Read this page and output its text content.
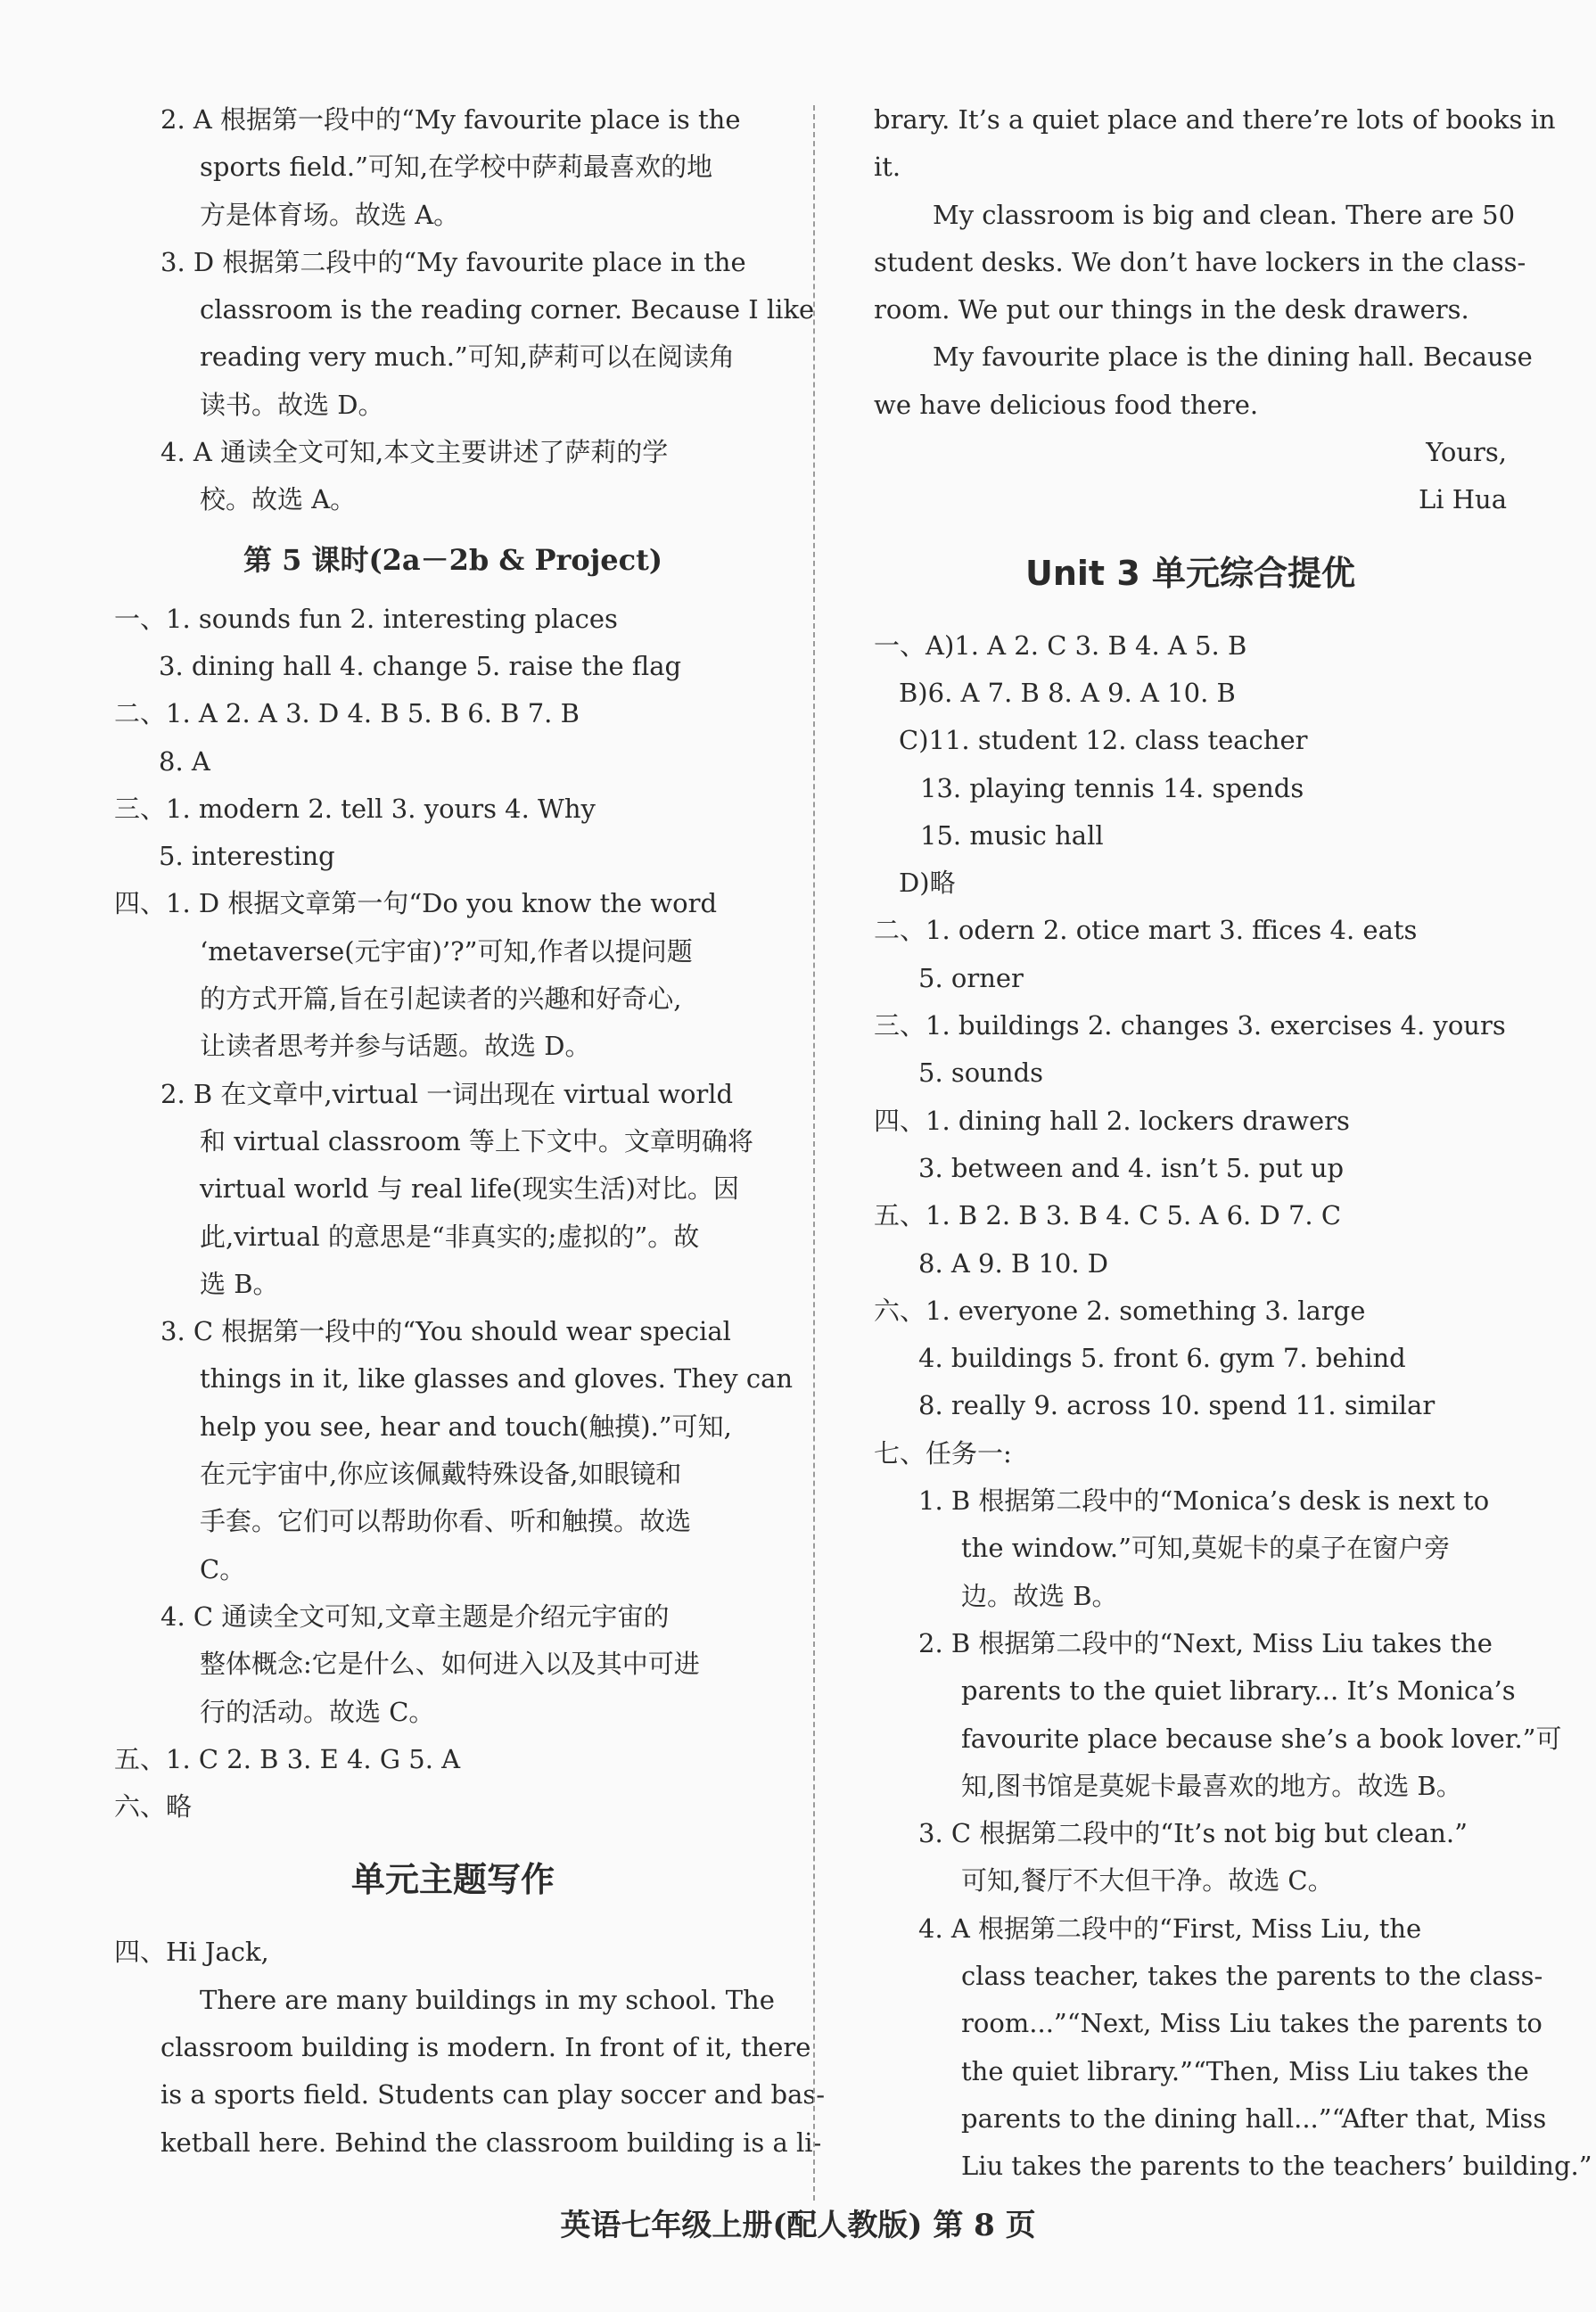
2. A 根据第一段中的“My favourite place is the
sports field.”可知,在学校中萨莉最喜欢的地
方是体育场。故选 A。
3. D 根据第二段中的“My favourite place in the
classroom is the reading corner. Because I like
reading very much.”可知,萨莉可以在阅读角
读书。故选 D。
4. A 通读全文可知,本文主要讲述了萨莉的学
校。故选 A。
第 5 课时(2a－2b & Project)
一、1. sounds fun 2. interesting places
3. dining hall 4. change 5. raise the flag
二、1. A 2. A 3. D 4. B 5. B 6. B 7. B
8. A
三、1. modern 2. tell 3. yours 4. Why
5. interesting
四、1. D 根据文章第一句“Do you know the word
‘metaverse(元宇宙)’?”可知,作者以提问题
的方式开篇,旨在引起读者的兴趣和好奇心,
让读者思考并参与话题。故选 D。
2. B 在文章中,virtual 一词出现在 virtual world
和 virtual classroom 等上下文中。文章明确将
virtual world 与 real life(现实生活)对比。因
此,virtual 的意思是“非真实的;虚拟的”。故
选 B。
3. C 根据第一段中的“You should wear special
things in it, like glasses and gloves. They can
help you see, hear and touch(触摸).”可知,
在元宇宙中,你应该佩戴特殊设备,如眼镜和
手套。它们可以帮助你看、听和触摸。故选
C。
4. C 通读全文可知,文章主题是介绍元宇宙的
整体概念:它是什么、如何进入以及其中可进
行的活动。故选 C。
五、1. C 2. B 3. E 4. G 5. A
六、略
单元主题写作
四、Hi Jack,
There are many buildings in my school. The
classroom building is modern. In front of it, there
is a sports field. Students can play soccer and bas-
ketball here. Behind the classroom building is a li-
brary. It’s a quiet place and there’re lots of books in
it.
My classroom is big and clean. There are 50
student desks. We don’t have lockers in the class-
room. We put our things in the desk drawers.
My favourite place is the dining hall. Because
we have delicious food there.
Yours,
Li Hua
Unit 3 单元综合提优
一、A)1. A 2. C 3. B 4. A 5. B
B)6. A 7. B 8. A 9. A 10. B
C)11. student 12. class teacher
13. playing tennis 14. spends
15. music hall
D)略
二、1. odern 2. otice mart 3. ffices 4. eats
5. orner
三、1. buildings 2. changes 3. exercises 4. yours
5. sounds
四、1. dining hall 2. lockers drawers
3. between and 4. isn’t 5. put up
五、1. B 2. B 3. B 4. C 5. A 6. D 7. C
8. A 9. B 10. D
六、1. everyone 2. something 3. large
4. buildings 5. front 6. gym 7. behind
8. really 9. across 10. spend 11. similar
七、任务一:
1. B 根据第二段中的“Monica’s desk is next to
the window.”可知,莫妮卡的桌子在窗户旁
边。故选 B。
2. B 根据第二段中的“Next, Miss Liu takes the
parents to the quiet library... It’s Monica’s
favourite place because she’s a book lover.”可
知,图书馆是莫妮卡最喜欢的地方。故选 B。
3. C 根据第二段中的“It’s not big but clean.”
可知,餐厅不大但干净。故选 C。
4. A 根据第二段中的“First, Miss Liu, the
class teacher, takes the parents to the class-
room...”“Next, Miss Liu takes the parents to
the quiet library.”“Then, Miss Liu takes the
parents to the dining hall...”“After that, Miss
Liu takes the parents to the teachers’ building.”
英语七年级上册(配人教版) 第 8 页
